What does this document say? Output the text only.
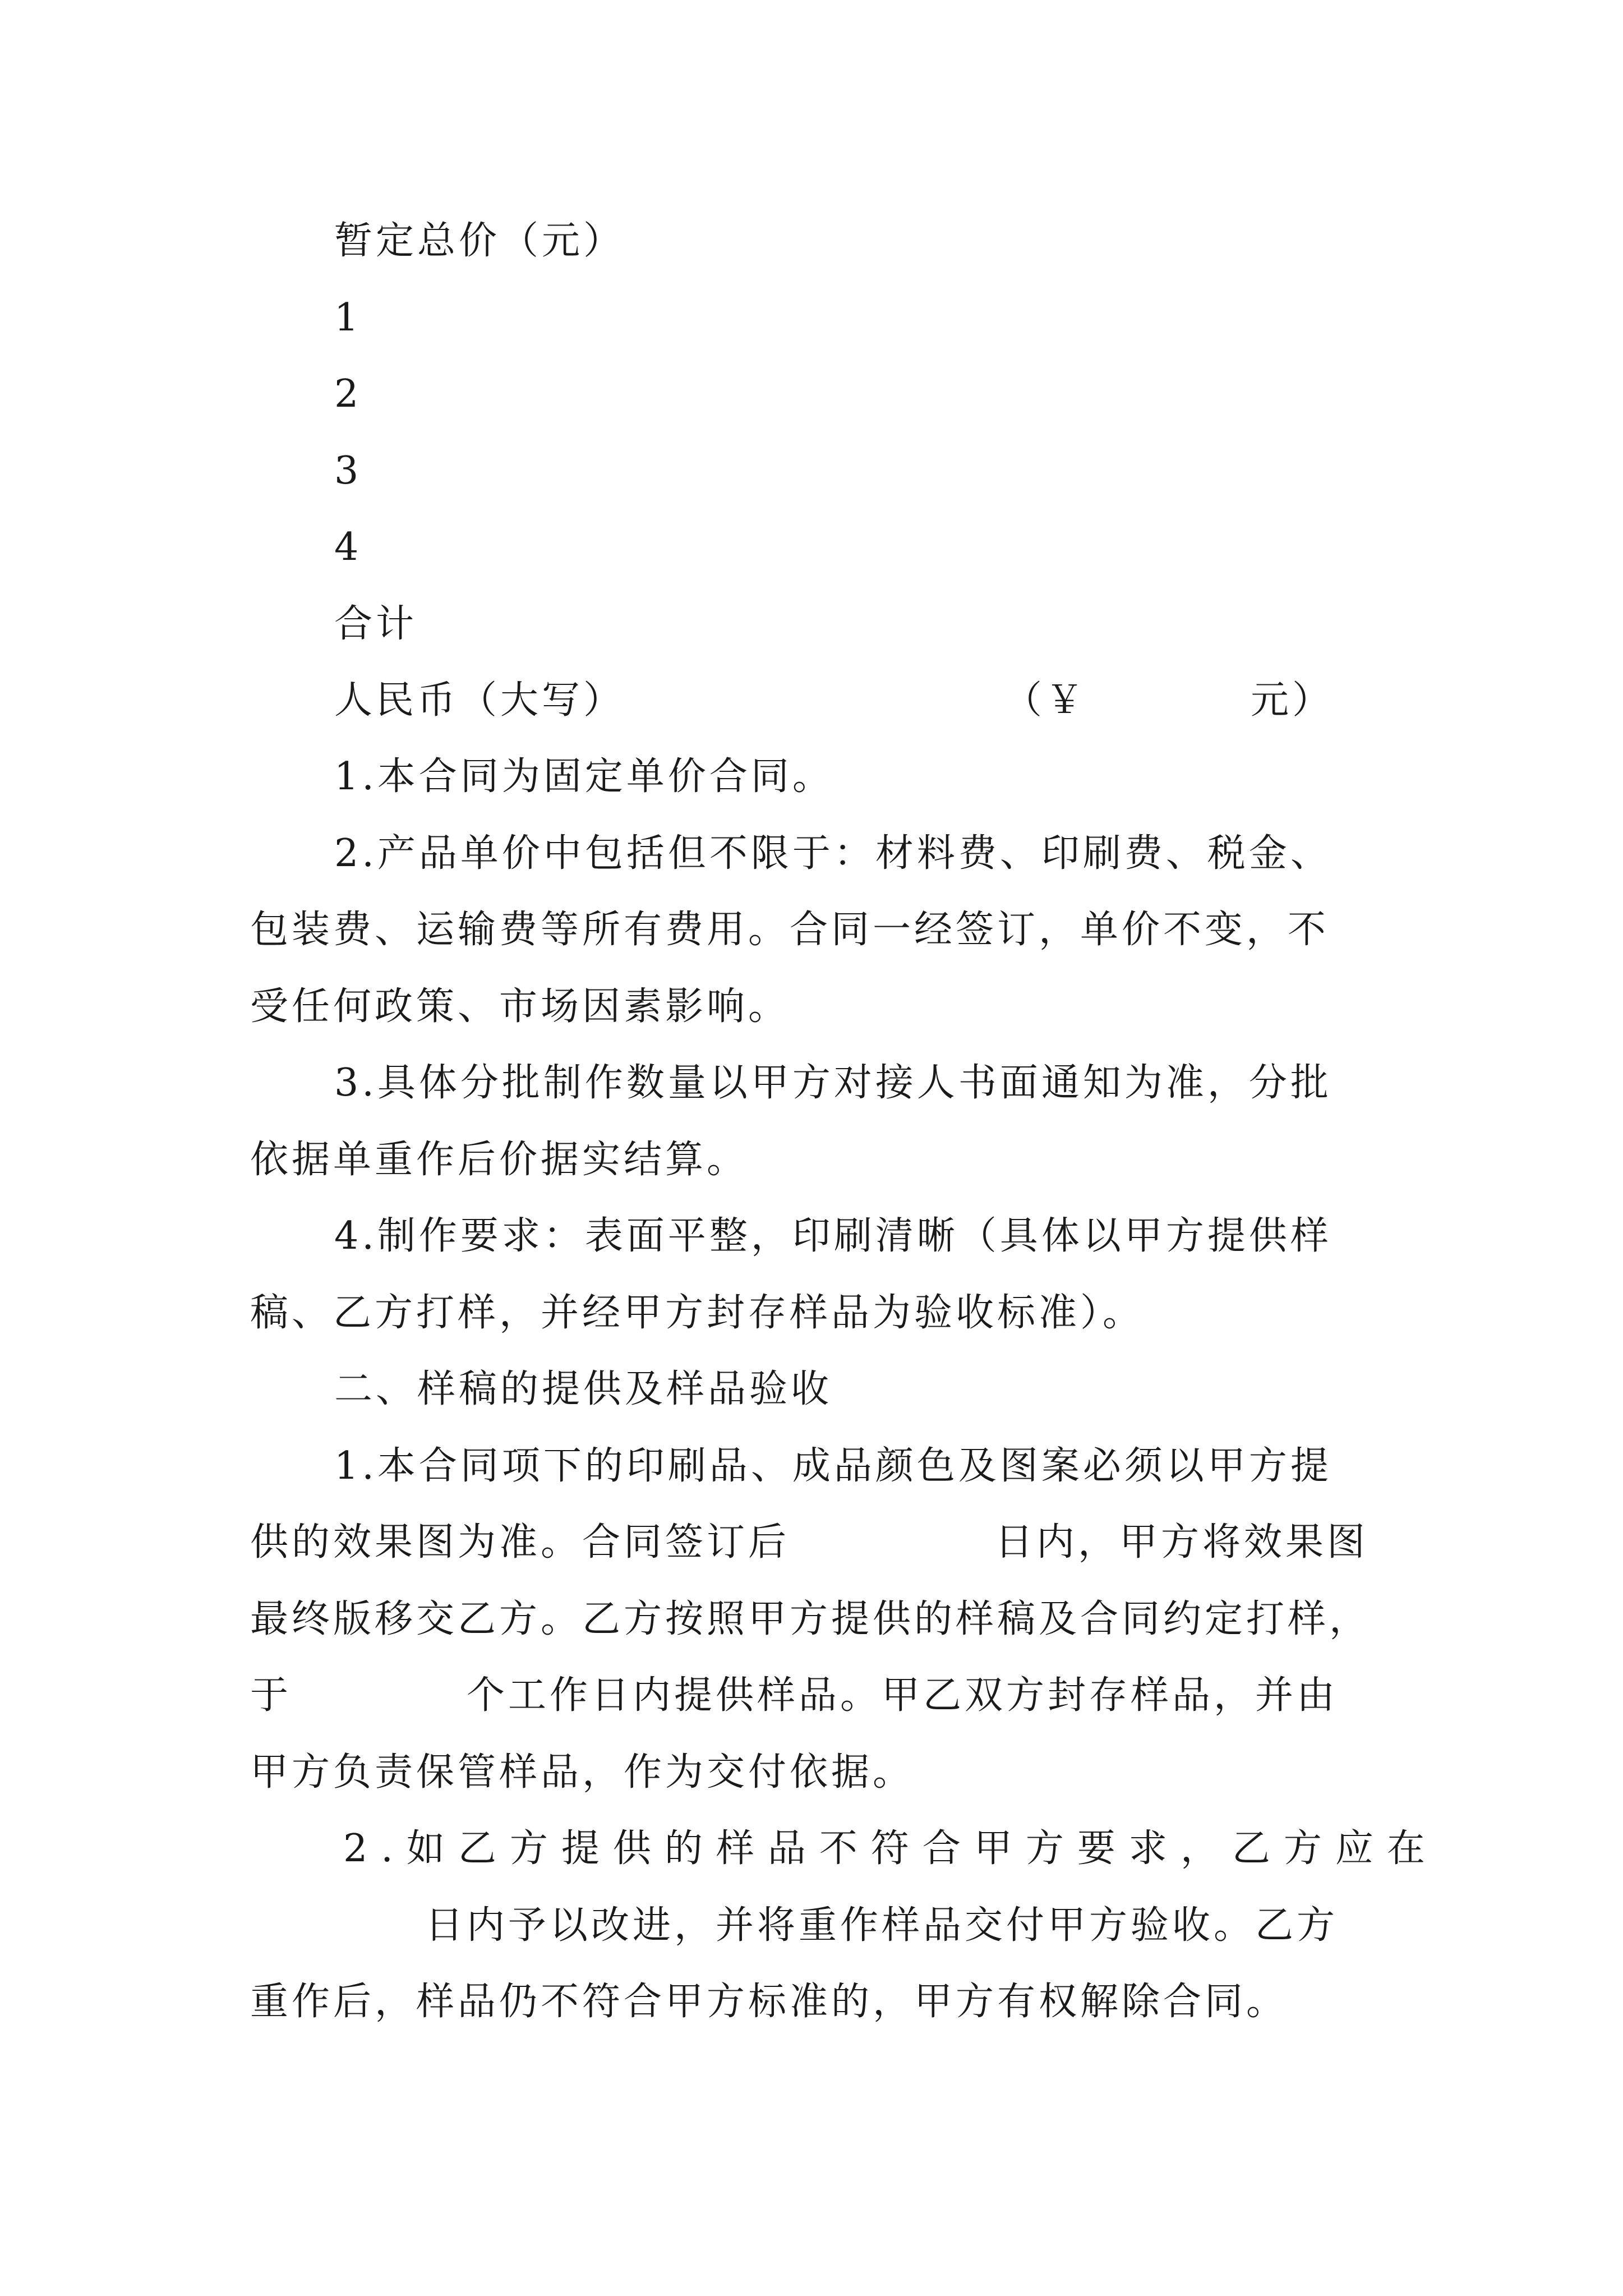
暂定总价（元）
1
2
3
4
合计
人民币（大写）	（￥	元）
1.本合同为固定单价合同。
2.产品单价中包括但不限于：材料费、印刷费、税金、
包装费、运输费等所有费用。合同一经签订，单价不变，不
受任何政策、市场因素影响。
3.具体分批制作数量以甲方对接人书面通知为准，分批
依据单重作后价据实结算。
4.制作要求：表面平整，印刷清晰（具体以甲方提供样
稿、乙方打样，并经甲方封存样品为验收标准）。
二、样稿的提供及样品验收
1.本合同项下的印刷品、成品颜色及图案必须以甲方提
供的效果图为准。合同签订后	日内，甲方将效果图
最终版移交乙方。乙方按照甲方提供的样稿及合同约定打样，
于	个工作日内提供样品。甲乙双方封存样品，并由
甲方负责保管样品，作为交付依据。
2.如乙方提供的样品不符合甲方要求，乙方应在
日内予以改进，并将重作样品交付甲方验收。乙方
重作后，样品仍不符合甲方标准的，甲方有权解除合同。
